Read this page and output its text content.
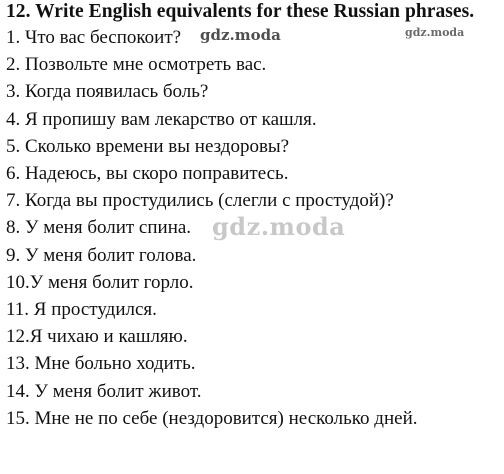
12. Write English equivalents for these Russian phrases.
1. Что вас беспокоит?
2. Позвольте мне осмотреть вас.
3. Когда появилась боль?
4. Я пропишу вам лекарство от кашля.
5. Сколько времени вы нездоровы?
6. Надеюсь, вы скоро поправитесь.
7. Когда вы простудились (слегли с простудой)?
8. У меня болит спина.
9. У меня болит голова.
10.У меня болит горло.
11. Я простудился.
12.Я чихаю и кашляю.
13. Мне больно ходить.
14. У меня болит живот.
15. Мне не по себе (нездоровится) несколько дней.
gdz.moda	gdz.moda
gdz.moda
